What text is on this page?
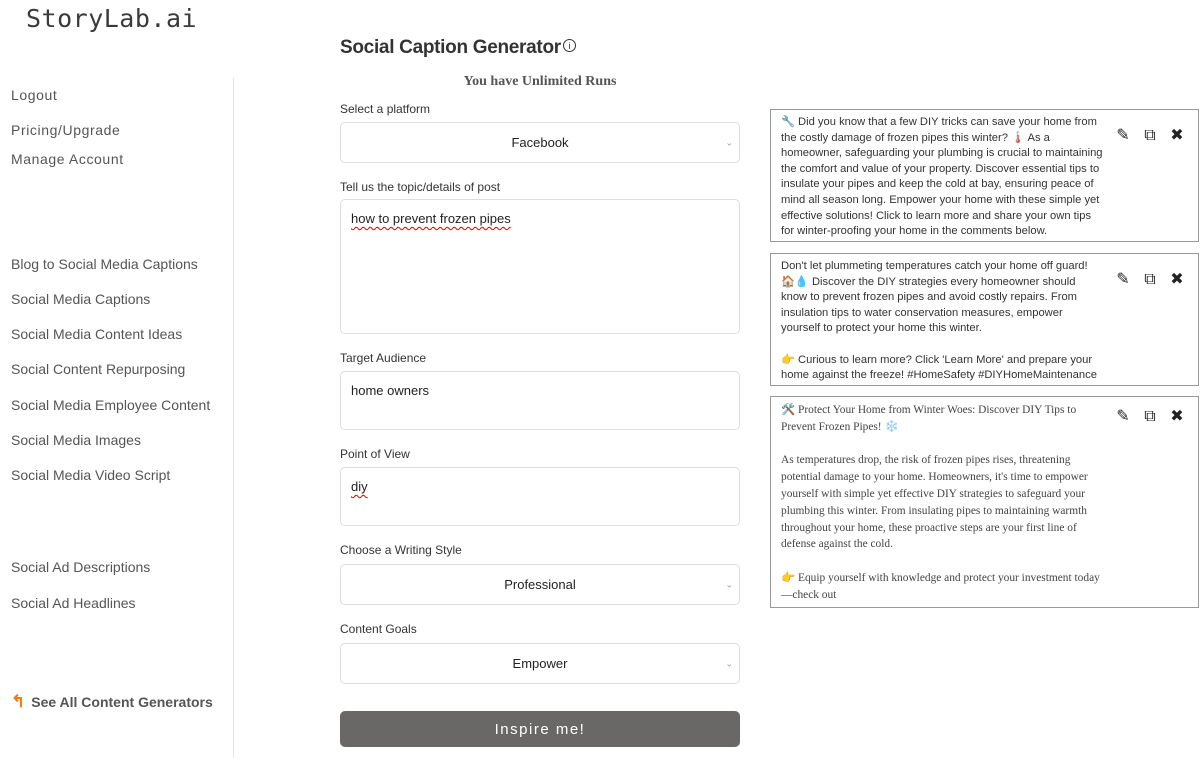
StoryLab.ai
Logout
Pricing/Upgrade
Manage Account
Blog to Social Media Captions
Social Media Captions
Social Media Content Ideas
Social Content Repurposing
Social Media Employee Content
Social Media Images
Social Media Video Script
Social Ad Descriptions
Social Ad Headlines
↰ See All Content Generators
Social Caption Generator $^i$
You have Unlimited Runs
Select a platform
Facebook	⌄
Tell us the topic/details of post
how to prevent frozen pipes
Target Audience
home owners
Point of View
diy
Choose a Writing Style
Professional	⌄
Content Goals
Empower	⌄
Inspire me!
🔧 Did you know that a few DIY tricks can save your home from the costly damage of frozen pipes this winter? 🌡️ As a homeowner, safeguarding your plumbing is crucial to maintaining the comfort and value of your property. Discover essential tips to insulate your pipes and keep the cold at bay, ensuring peace of mind all season long. Empower your home with these simple yet effective solutions! Click to learn more and share your own tips for winter-proofing your home in the comments below.
✎ ⧉ ✖
Don't let plummeting temperatures catch your home off guard! 🏠💧 Discover the DIY strategies every homeowner should know to prevent frozen pipes and avoid costly repairs. From insulation tips to water conservation measures, empower yourself to protect your home this winter.

👉 Curious to learn more? Click 'Learn More' and prepare your home against the freeze! #HomeSafety #DIYHomeMaintenance
✎ ⧉ ✖
🛠️ Protect Your Home from Winter Woes: Discover DIY Tips to Prevent Frozen Pipes! ❄️

As temperatures drop, the risk of frozen pipes rises, threatening potential damage to your home. Homeowners, it's time to empower yourself with simple yet effective DIY strategies to safeguard your plumbing this winter. From insulating pipes to maintaining warmth throughout your home, these proactive steps are your first line of defense against the cold.

👉 Equip yourself with knowledge and protect your investment today—check out
✎ ⧉ ✖
